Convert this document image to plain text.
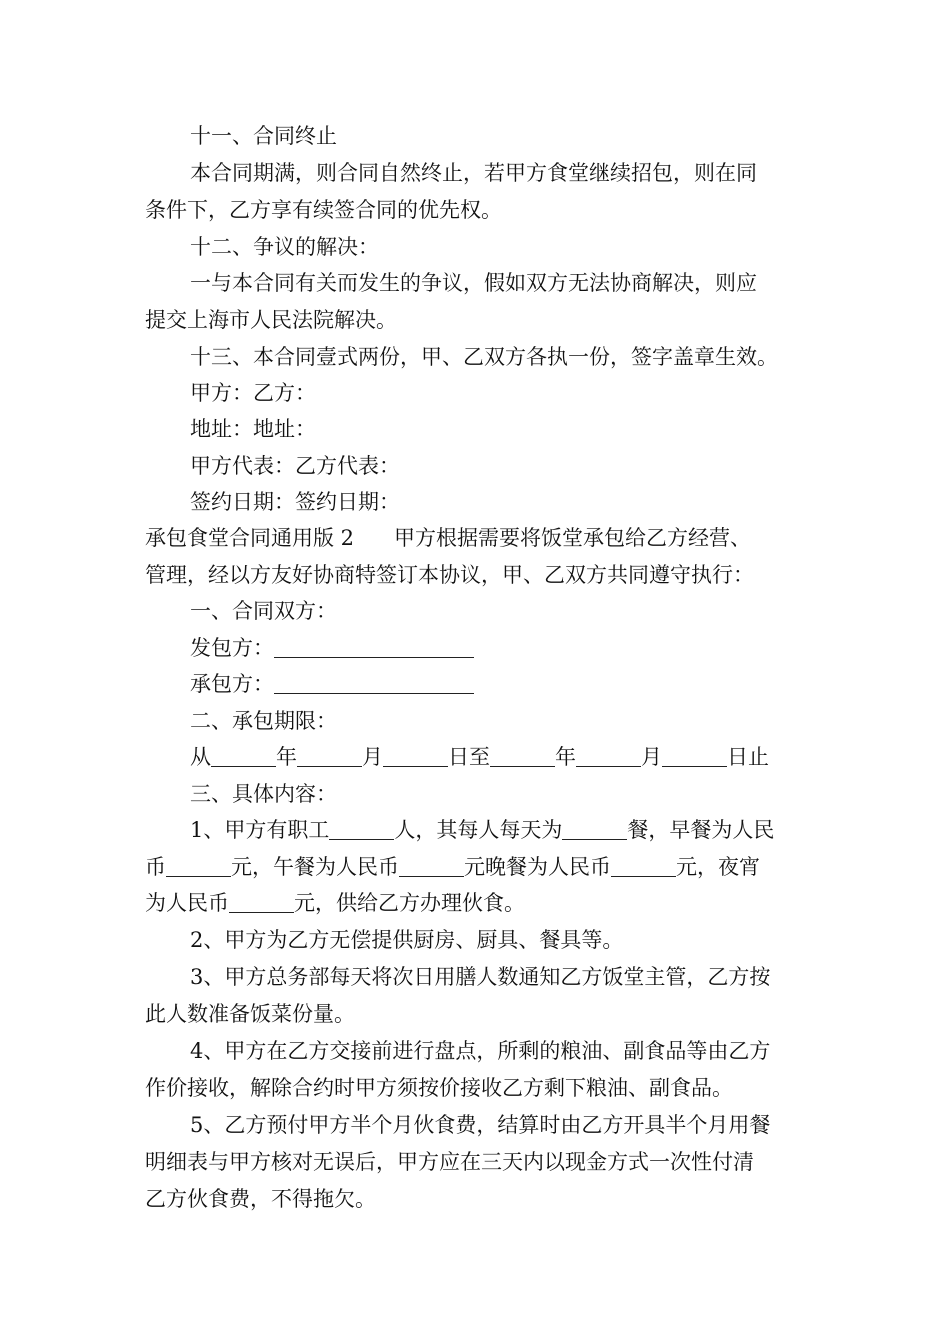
十一、合同终止
本合同期满，则合同自然终止，若甲方食堂继续招包，则在同
条件下，乙方享有续签合同的优先权。
十二、争议的解决：
一与本合同有关而发生的争议，假如双方无法协商解决，则应
提交上海市人民法院解决。
十三、本合同壹式两份，甲、乙双方各执一份，签字盖章生效。
甲方：乙方：
地址：地址：
甲方代表：乙方代表：
签约日期：签约日期：
承包食堂合同通用版 2 甲方根据需要将饭堂承包给乙方经营、
管理，经以方友好协商特签订本协议，甲、乙双方共同遵守执行：
一、合同双方：
发包方：
承包方：
二、承包期限：
从	年	月	日至	年	月	日止
三、具体内容：
1、甲方有职工	人，其每人每天为	餐，早餐为人民
币	元，午餐为人民币	元晚餐为人民币	元，夜宵
为人民币	元，供给乙方办理伙食。
2、甲方为乙方无偿提供厨房、厨具、餐具等。
3、甲方总务部每天将次日用膳人数通知乙方饭堂主管，乙方按
此人数准备饭菜份量。
4、甲方在乙方交接前进行盘点，所剩的粮油、副食品等由乙方
作价接收，解除合约时甲方须按价接收乙方剩下粮油、副食品。
5、乙方预付甲方半个月伙食费，结算时由乙方开具半个月用餐
明细表与甲方核对无误后，甲方应在三天内以现金方式一次性付清
乙方伙食费，不得拖欠。
